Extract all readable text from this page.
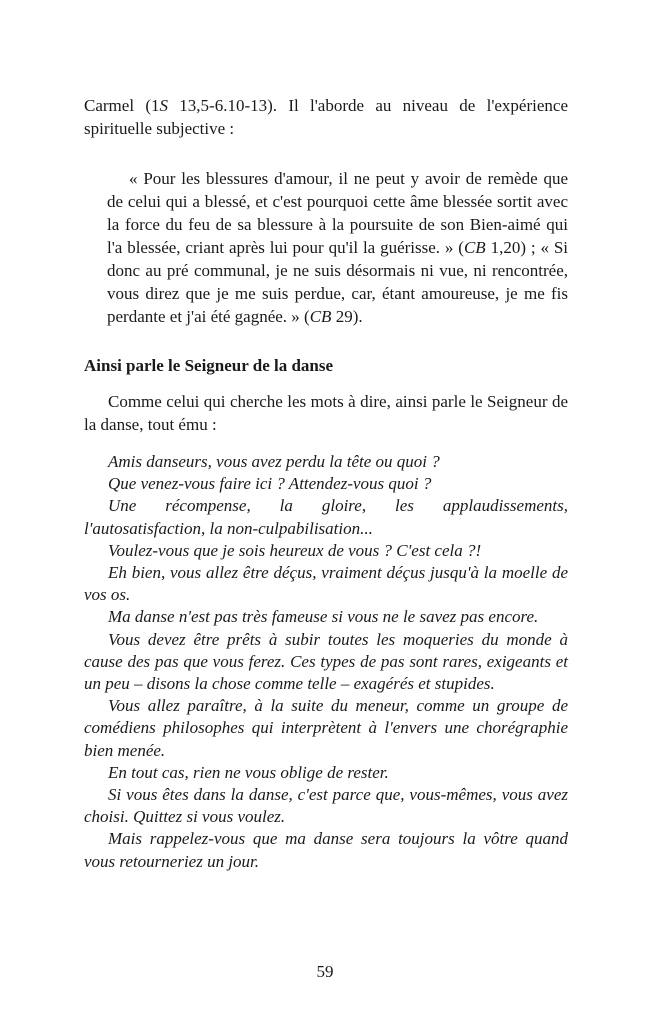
Carmel (1S 13,5-6.10-13). Il l'aborde au niveau de l'expérience spirituelle subjective :

« Pour les blessures d'amour, il ne peut y avoir de remède que de celui qui a blessé, et c'est pourquoi cette âme blessée sortit avec la force du feu de sa blessure à la poursuite de son Bien-aimé qui l'a blessée, criant après lui pour qu'il la guérisse. » (CB 1,20) ; « Si donc au pré communal, je ne suis désormais ni vue, ni rencontrée, vous direz que je me suis perdue, car, étant amoureuse, je me fis perdante et j'ai été gagnée. » (CB 29).

Ainsi parle le Seigneur de la danse

Comme celui qui cherche les mots à dire, ainsi parle le Seigneur de la danse, tout ému :

Amis danseurs, vous avez perdu la tête ou quoi ?

Que venez-vous faire ici ? Attendez-vous quoi ?

Une récompense, la gloire, les applaudissements, l'autosatisfaction, la non-culpabilisation...

Voulez-vous que je sois heureux de vous ? C'est cela ?!

Eh bien, vous allez être déçus, vraiment déçus jusqu'à la moelle de vos os.

Ma danse n'est pas très fameuse si vous ne le savez pas encore.

Vous devez être prêts à subir toutes les moqueries du monde à cause des pas que vous ferez. Ces types de pas sont rares, exigeants et un peu – disons la chose comme telle – exagérés et stupides.

Vous allez paraître, à la suite du meneur, comme un groupe de comédiens philosophes qui interprètent à l'envers une chorégraphie bien menée.

En tout cas, rien ne vous oblige de rester.

Si vous êtes dans la danse, c'est parce que, vous-mêmes, vous avez choisi. Quittez si vous voulez.

Mais rappelez-vous que ma danse sera toujours la vôtre quand vous retourneriez un jour.

59
